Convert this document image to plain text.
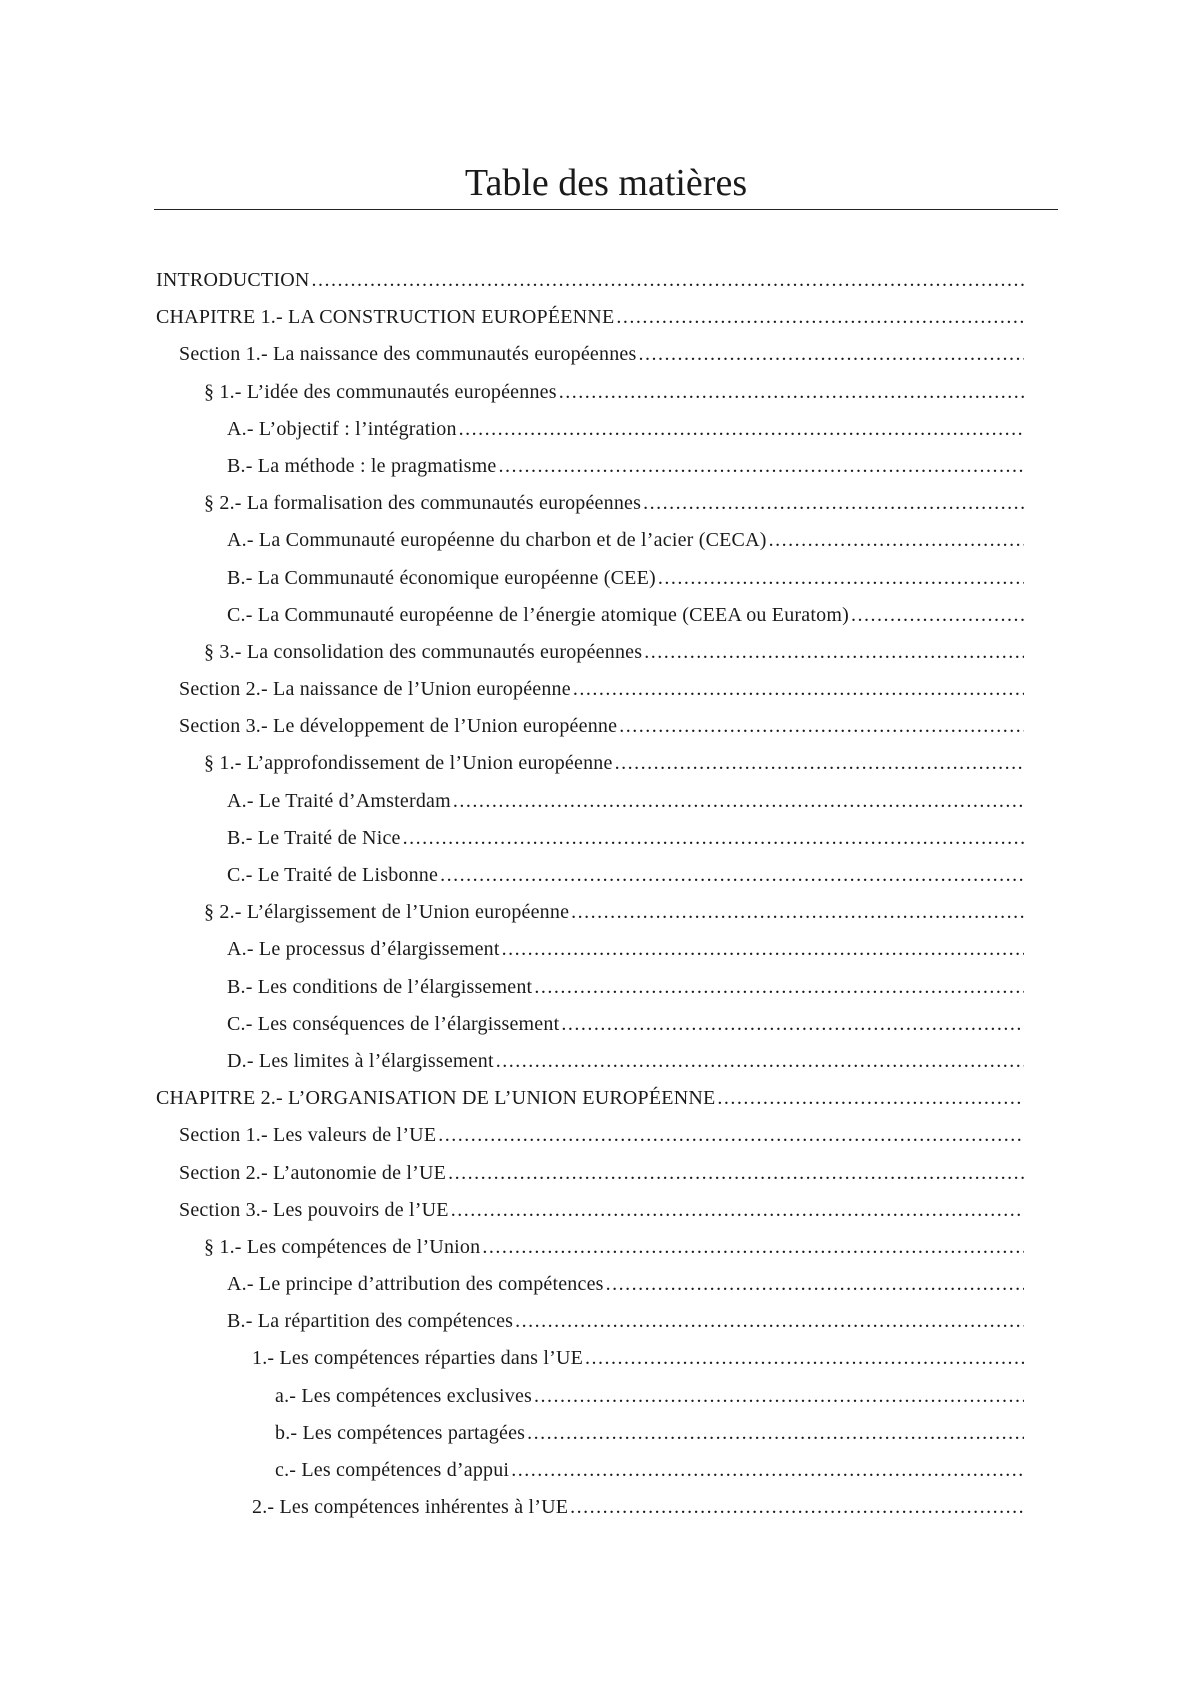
Table des matières
INTRODUCTION
.....
CHAPITRE 1.- LA CONSTRUCTION EUROPÉENNE
.....
Section 1.- La naissance des communautés européennes
.....
§ 1.- L’idée des communautés européennes
.....
A.- L’objectif : l’intégration
.....
B.- La méthode : le pragmatisme
.....
§ 2.- La formalisation des communautés européennes
.....
A.- La Communauté européenne du charbon et de l’acier (CECA)
.....
B.- La Communauté économique européenne (CEE)
.....
C.- La Communauté européenne de l’énergie atomique (CEEA ou Euratom)
.....
§ 3.- La consolidation des communautés européennes
.....
Section 2.- La naissance de l’Union européenne
.....
Section 3.- Le développement de l’Union européenne
.....
§ 1.- L’approfondissement de l’Union européenne
.....
A.- Le Traité d’Amsterdam
.....
B.- Le Traité de Nice
.....
C.- Le Traité de Lisbonne
.....
§ 2.- L’élargissement de l’Union européenne
.....
A.- Le processus d’élargissement
.....
B.- Les conditions de l’élargissement
.....
C.- Les conséquences de l’élargissement
.....
D.- Les limites à l’élargissement
.....
CHAPITRE 2.- L’ORGANISATION DE L’UNION EUROPÉENNE
.....
Section 1.- Les valeurs de l’UE
.....
Section 2.- L’autonomie de l’UE
.....
Section 3.- Les pouvoirs de l’UE
.....
§ 1.- Les compétences de l’Union
.....
A.- Le principe d’attribution des compétences
.....
B.- La répartition des compétences
.....
1.- Les compétences réparties dans l’UE
.....
a.- Les compétences exclusives
.....
b.- Les compétences partagées
.....
c.- Les compétences d’appui
.....
2.- Les compétences inhérentes à l’UE
.....
